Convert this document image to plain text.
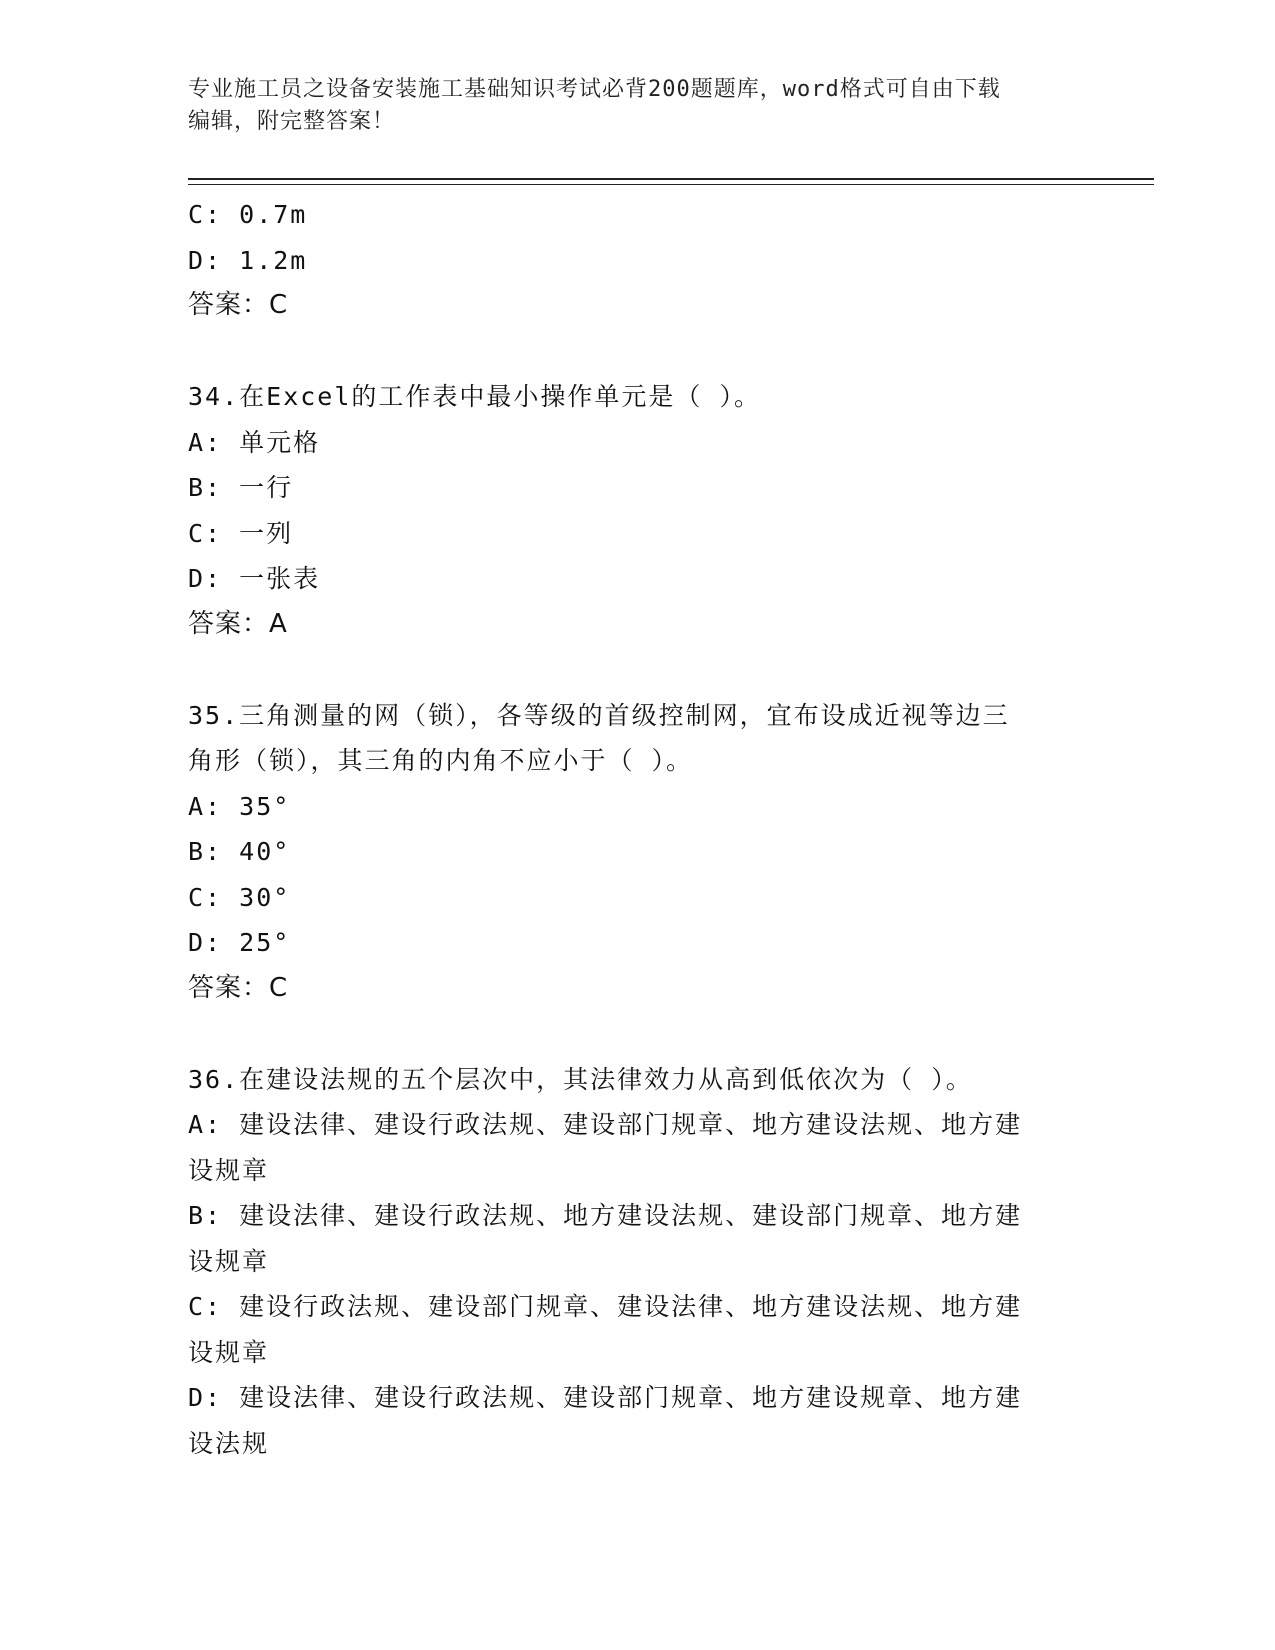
专业施工员之设备安装施工基础知识考试必背200题题库，word格式可自由下载
编辑，附完整答案！
C: 0.7m
D: 1.2m
答案：C
34.在Excel的工作表中最小操作单元是（ ）。
A: 单元格
B: 一行
C: 一列
D: 一张表
答案：A
35.三角测量的网（锁），各等级的首级控制网，宜布设成近视等边三
角形（锁），其三角的内角不应小于（ ）。
A: 35°
B: 40°
C: 30°
D: 25°
答案：C
36.在建设法规的五个层次中，其法律效力从高到低依次为（ ）。
A: 建设法律、建设行政法规、建设部门规章、地方建设法规、地方建
设规章
B: 建设法律、建设行政法规、地方建设法规、建设部门规章、地方建
设规章
C: 建设行政法规、建设部门规章、建设法律、地方建设法规、地方建
设规章
D: 建设法律、建设行政法规、建设部门规章、地方建设规章、地方建
设法规
